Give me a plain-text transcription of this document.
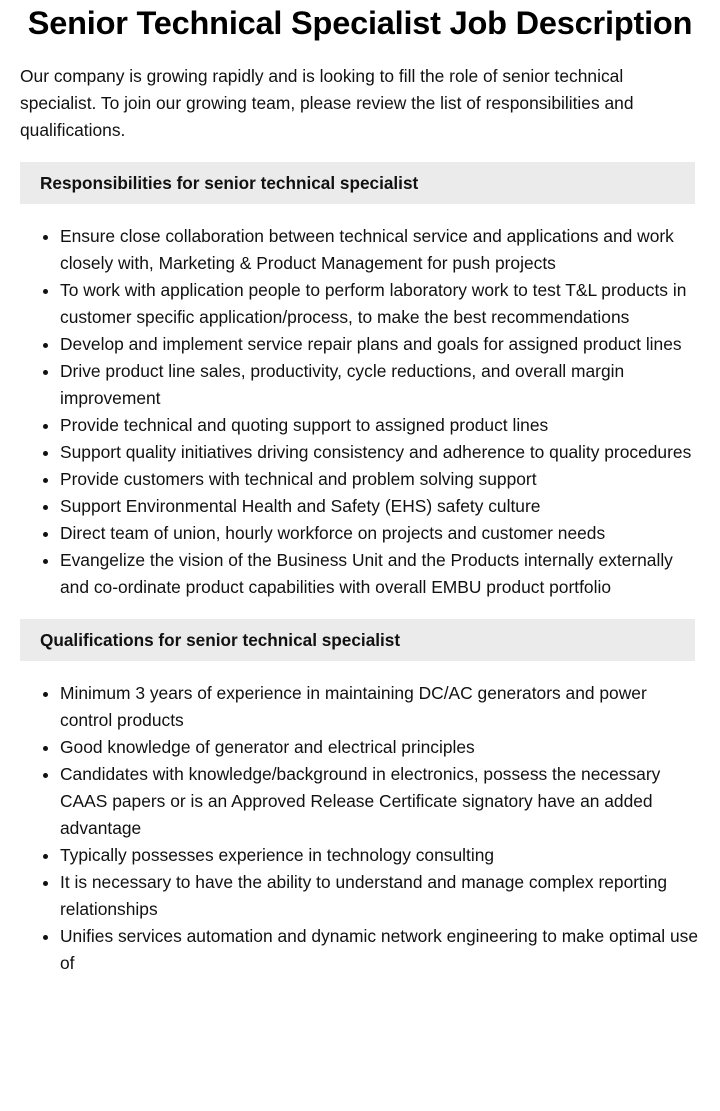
Senior Technical Specialist Job Description

Our company is growing rapidly and is looking to fill the role of senior technical specialist. To join our growing team, please review the list of responsibilities and qualifications.

Responsibilities for senior technical specialist
Ensure close collaboration between technical service and applications and work closely with, Marketing & Product Management for push projects
To work with application people to perform laboratory work to test T&L products in customer specific application/process, to make the best recommendations
Develop and implement service repair plans and goals for assigned product lines
Drive product line sales, productivity, cycle reductions, and overall margin improvement
Provide technical and quoting support to assigned product lines
Support quality initiatives driving consistency and adherence to quality procedures
Provide customers with technical and problem solving support
Support Environmental Health and Safety (EHS) safety culture
Direct team of union, hourly workforce on projects and customer needs
Evangelize the vision of the Business Unit and the Products internally externally and co-ordinate product capabilities with overall EMBU product portfolio
Qualifications for senior technical specialist
Minimum 3 years of experience in maintaining DC/AC generators and power control products
Good knowledge of generator and electrical principles
Candidates with knowledge/background in electronics, possess the necessary CAAS papers or is an Approved Release Certificate signatory have an added advantage
Typically possesses experience in technology consulting
It is necessary to have the ability to understand and manage complex reporting relationships
Unifies services automation and dynamic network engineering to make optimal use of
